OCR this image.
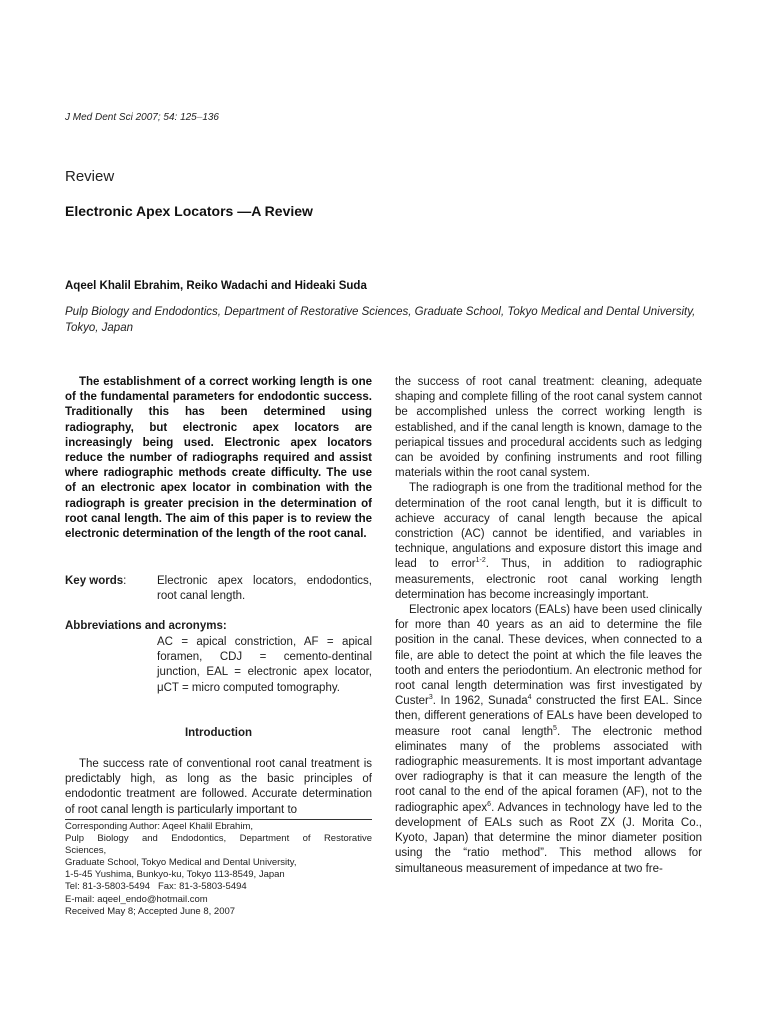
J Med Dent Sci 2007; 54: 125–136
Review
Electronic Apex Locators —A Review
Aqeel Khalil Ebrahim, Reiko Wadachi and Hideaki Suda
Pulp Biology and Endodontics, Department of Restorative Sciences, Graduate School, Tokyo Medical and Dental University, Tokyo, Japan

The establishment of a correct working length is one of the fundamental parameters for endodontic success. Traditionally this has been determined using radiography, but electronic apex locators are increasingly being used. Electronic apex locators reduce the number of radiographs required and assist where radiographic methods create difficulty. The use of an electronic apex locator in combination with the radiograph is greater precision in the determination of root canal length. The aim of this paper is to review the electronic determination of the length of the root canal.

Key words:	Electronic apex locators, endodontics, root canal length.
Abbreviations and acronyms:
AC = apical constriction, AF = apical foramen, CDJ = cemento-dentinal junction, EAL = electronic apex locator, μCT = micro computed tomography.
Introduction

The success rate of conventional root canal treatment is predictably high, as long as the basic principles of endodontic treatment are followed. Accurate determination of root canal length is particularly important to

Corresponding Author: Aqeel Khalil Ebrahim,
Pulp Biology and Endodontics, Department of Restorative
Sciences,
Graduate School, Tokyo Medical and Dental University,
1-5-45 Yushima, Bunkyo-ku, Tokyo 113-8549, Japan
Tel: 81-3-5803-5494   Fax: 81-3-5803-5494
E-mail: aqeel_endo@hotmail.com
Received May 8; Accepted June 8, 2007

the success of root canal treatment: cleaning, adequate shaping and complete filling of the root canal system cannot be accomplished unless the correct working length is established, and if the canal length is known, damage to the periapical tissues and procedural accidents such as ledging can be avoided by confining instruments and root filling materials within the root canal system.

The radiograph is one from the traditional method for the determination of the root canal length, but it is difficult to achieve accuracy of canal length because the apical constriction (AC) cannot be identified, and variables in technique, angulations and exposure distort this image and lead to error$^{1-2}$. Thus, in addition to radiographic measurements, electronic root canal working length determination has become increasingly important.

Electronic apex locators (EALs) have been used clinically for more than 40 years as an aid to determine the file position in the canal. These devices, when connected to a file, are able to detect the point at which the file leaves the tooth and enters the periodontium. An electronic method for root canal length determination was first investigated by Custer$^3$. In 1962, Sunada$^4$ constructed the first EAL. Since then, different generations of EALs have been developed to measure root canal length$^5$. The electronic method eliminates many of the problems associated with radiographic measurements. It is most important advantage over radiography is that it can measure the length of the root canal to the end of the apical foramen (AF), not to the radiographic apex$^6$. Advances in technology have led to the development of EALs such as Root ZX (J. Morita Co., Kyoto, Japan) that determine the minor diameter position using the “ratio method”. This method allows for simultaneous measurement of impedance at two fre-
